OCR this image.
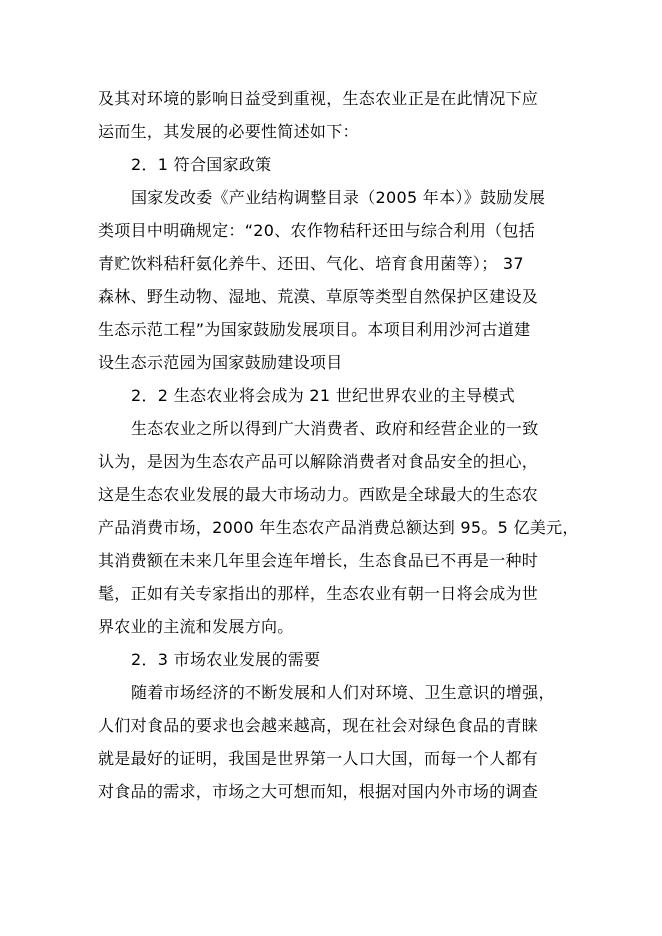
及其对环境的影响日益受到重视，生态农业正是在此情况下应
运而生，其发展的必要性简述如下：
2．1 符合国家政策
国家发改委《产业结构调整目录（2005 年本）》鼓励发展
类项目中明确规定：“20、农作物秸秆还田与综合利用（包括
青贮饮料秸秆氨化养牛、还田、气化、培育食用菌等）； 37
森林、野生动物、湿地、荒漠、草原等类型自然保护区建设及
生态示范工程”为国家鼓励发展项目。本项目利用沙河古道建
设生态示范园为国家鼓励建设项目
2．2 生态农业将会成为 21 世纪世界农业的主导模式
生态农业之所以得到广大消费者、政府和经营企业的一致
认为，是因为生态农产品可以解除消费者对食品安全的担心，
这是生态农业发展的最大市场动力。西欧是全球最大的生态农
产品消费市场，2000 年生态农产品消费总额达到 95。5 亿美元，
其消费额在未来几年里会连年增长，生态食品已不再是一种时
髦，正如有关专家指出的那样，生态农业有朝一日将会成为世
界农业的主流和发展方向。
2．3 市场农业发展的需要
随着市场经济的不断发展和人们对环境、卫生意识的增强，
人们对食品的要求也会越来越高，现在社会对绿色食品的青睐
就是最好的证明，我国是世界第一人口大国，而每一个人都有
对食品的需求，市场之大可想而知，根据对国内外市场的调查
